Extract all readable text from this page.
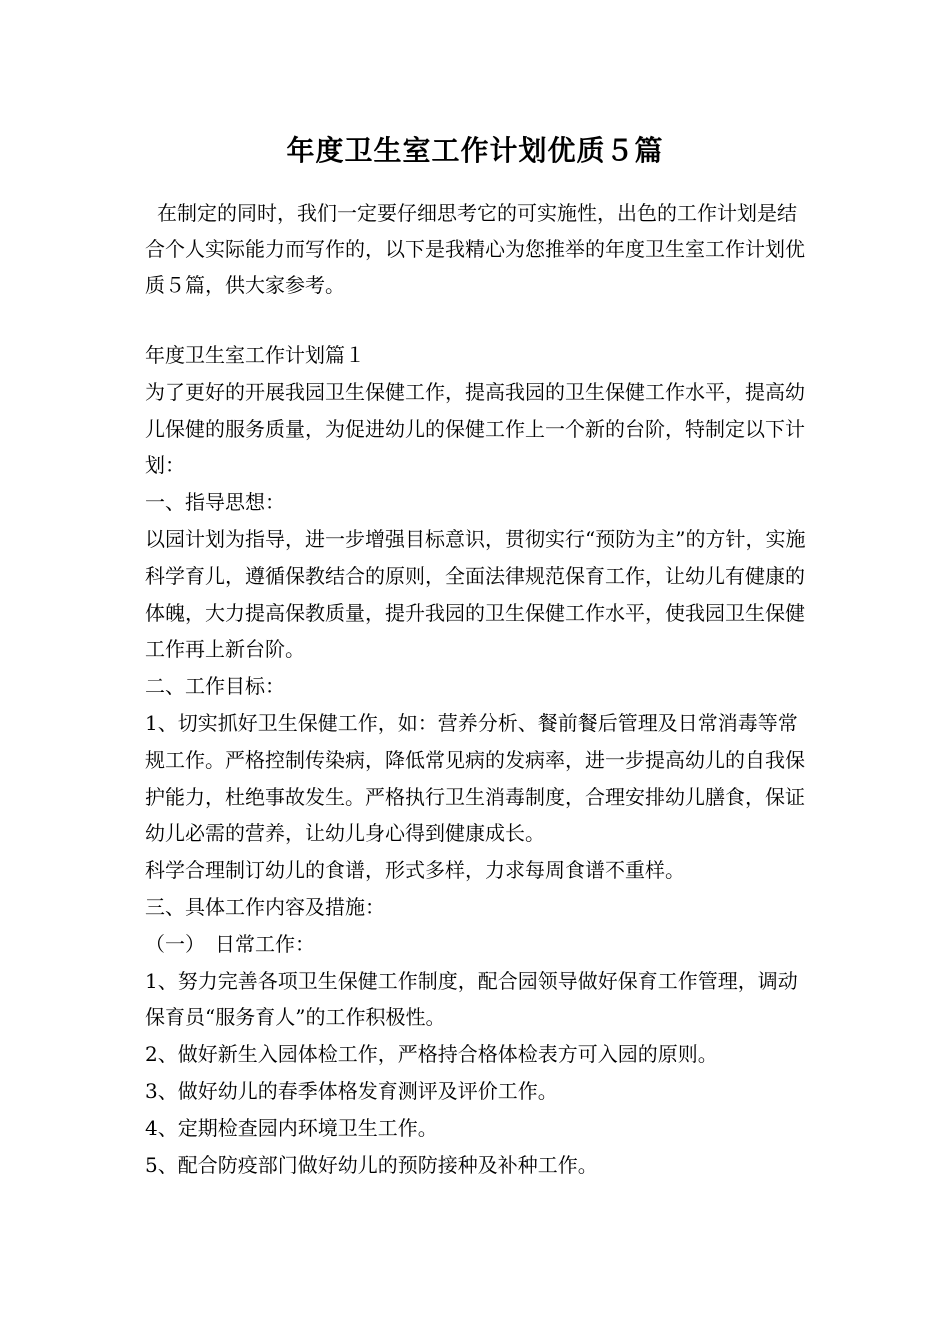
年度卫生室工作计划优质５篇

在制定的同时，我们一定要仔细思考它的可实施性，出色的工作计划是结合个人实际能力而写作的，以下是我精心为您推举的年度卫生室工作计划优质５篇，供大家参考。

年度卫生室工作计划篇１

为了更好的开展我园卫生保健工作，提高我园的卫生保健工作水平，提高幼儿保健的服务质量，为促进幼儿的保健工作上一个新的台阶，特制定以下计划：

一、指导思想：

以园计划为指导，进一步增强目标意识，贯彻实行“预防为主”的方针，实施科学育儿，遵循保教结合的原则，全面法律规范保育工作，让幼儿有健康的体魄，大力提高保教质量，提升我园的卫生保健工作水平，使我园卫生保健工作再上新台阶。

二、工作目标：

1、切实抓好卫生保健工作，如：营养分析、餐前餐后管理及日常消毒等常规工作。严格控制传染病，降低常见病的发病率，进一步提高幼儿的自我保护能力，杜绝事故发生。严格执行卫生消毒制度，合理安排幼儿膳食，保证幼儿必需的营养，让幼儿身心得到健康成长。

科学合理制订幼儿的食谱，形式多样，力求每周食谱不重样。

三、具体工作内容及措施：

（一）　日常工作：

1、努力完善各项卫生保健工作制度，配合园领导做好保育工作管理，调动保育员“服务育人”的工作积极性。

2、做好新生入园体检工作，严格持合格体检表方可入园的原则。

3、做好幼儿的春季体格发育测评及评价工作。

4、定期检查园内环境卫生工作。

5、配合防疫部门做好幼儿的预防接种及补种工作。
